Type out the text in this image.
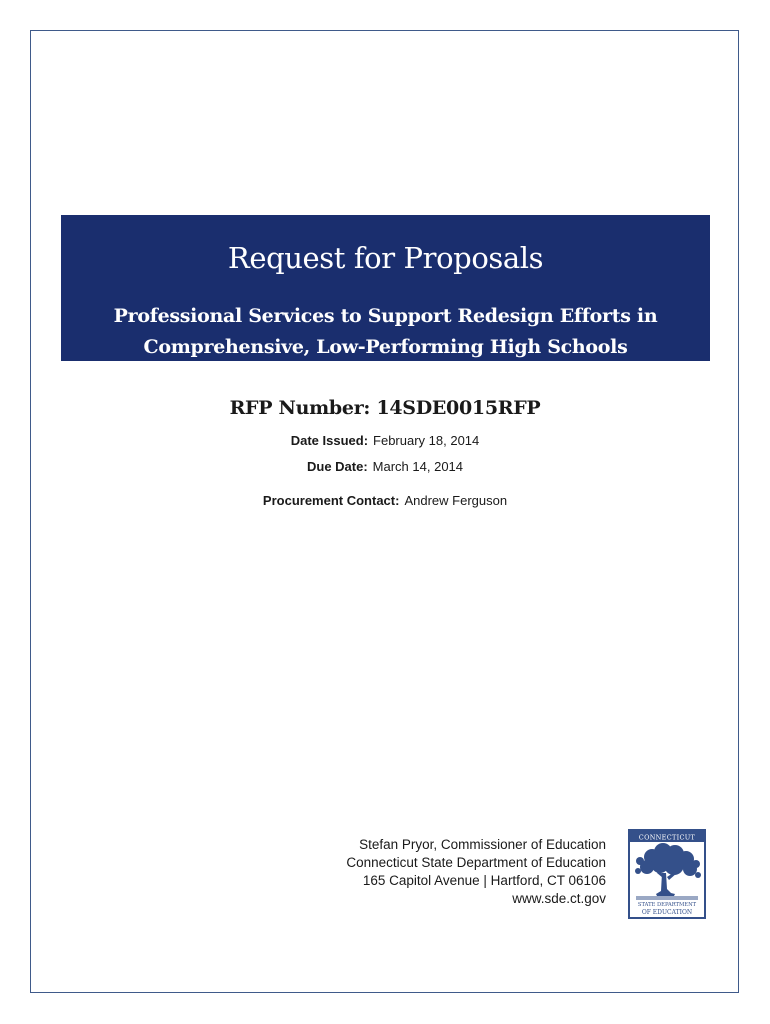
Request for Proposals
Professional Services to Support Redesign Efforts in
Comprehensive, Low-Performing High Schools
RFP Number: 14SDE0015RFP
Date Issued: February 18, 2014
Due Date: March 14, 2014
Procurement Contact: Andrew Ferguson
Stefan Pryor, Commissioner of Education
Connecticut State Department of Education
165 Capitol Avenue | Hartford, CT 06106
www.sde.ct.gov
CONNECTICUT
STATE DEPARTMENT
OF EDUCATION
